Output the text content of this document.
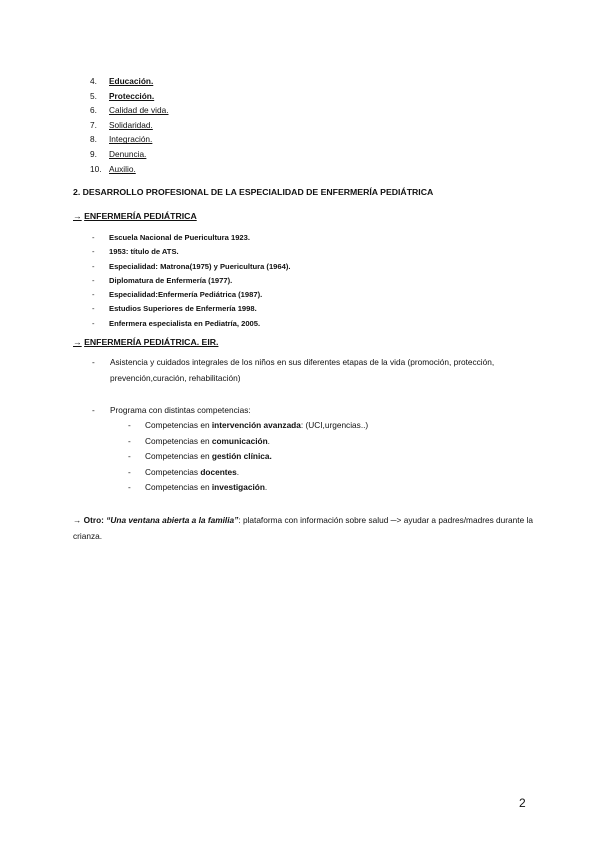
4. Educación.
5. Protección.
6. Calidad de vida.
7. Solidaridad.
8. Integración.
9. Denuncia.
10. Auxilio.
2. DESARROLLO PROFESIONAL DE LA ESPECIALIDAD DE ENFERMERÍA PEDIÁTRICA
→ ENFERMERÍA PEDIÁTRICA
- Escuela Nacional de Puericultura 1923.
- 1953: título de ATS.
- Especialidad: Matrona(1975) y Puericultura (1964).
- Diplomatura de Enfermería (1977).
- Especialidad:Enfermería Pediátrica (1987).
- Estudios Superiores de Enfermería 1998.
- Enfermera especialista en Pediatría, 2005.
→ ENFERMERÍA PEDIÁTRICA. EIR.
- Asistencia y cuidados integrales de los niños en sus diferentes etapas de la vida (promoción, protección, prevención,curación, rehabilitación)
- Programa con distintas competencias:
- Competencias en intervención avanzada: (UCI,urgencias..)
- Competencias en comunicación.
- Competencias en gestión clínica.
- Competencias docentes.
- Competencias en investigación.
→ Otro: “Una ventana abierta a la familia”: plataforma con información sobre salud ─> ayudar a padres/madres durante la crianza.
2
